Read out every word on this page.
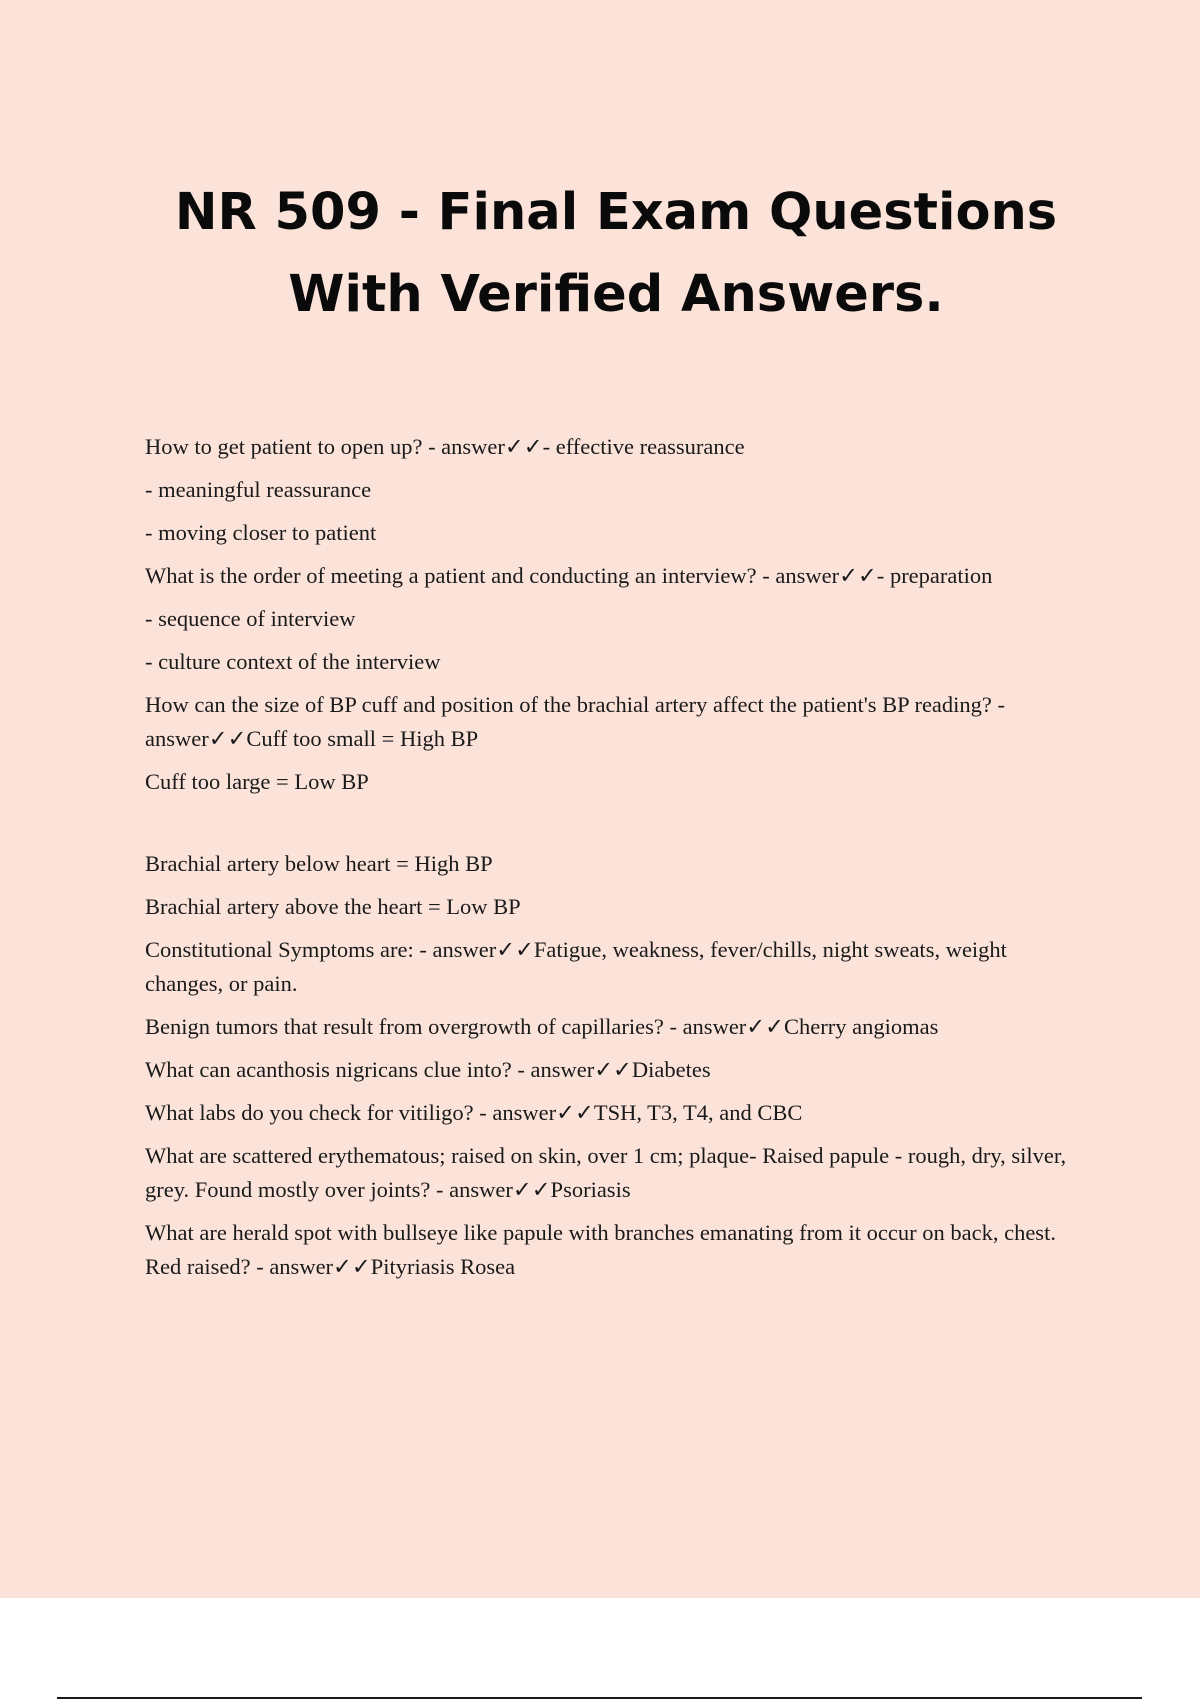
NR 509 - Final Exam Questions
With Verified Answers.

How to get patient to open up? - answer✓✓- effective reassurance

- meaningful reassurance

- moving closer to patient

What is the order of meeting a patient and conducting an interview? - answer✓✓- preparation

- sequence of interview

- culture context of the interview

How can the size of BP cuff and position of the brachial artery affect the patient's BP reading? - answer✓✓Cuff too small = High BP

Cuff too large = Low BP

Brachial artery below heart = High BP

Brachial artery above the heart = Low BP

Constitutional Symptoms are: - answer✓✓Fatigue, weakness, fever/chills, night sweats, weight changes, or pain.

Benign tumors that result from overgrowth of capillaries? - answer✓✓Cherry angiomas

What can acanthosis nigricans clue into? - answer✓✓Diabetes

What labs do you check for vitiligo? - answer✓✓TSH, T3, T4, and CBC

What are scattered erythematous; raised on skin, over 1 cm; plaque- Raised papule - rough, dry, silver, grey. Found mostly over joints? - answer✓✓Psoriasis

What are herald spot with bullseye like papule with branches emanating from it occur on back, chest. Red raised? - answer✓✓Pityriasis Rosea
